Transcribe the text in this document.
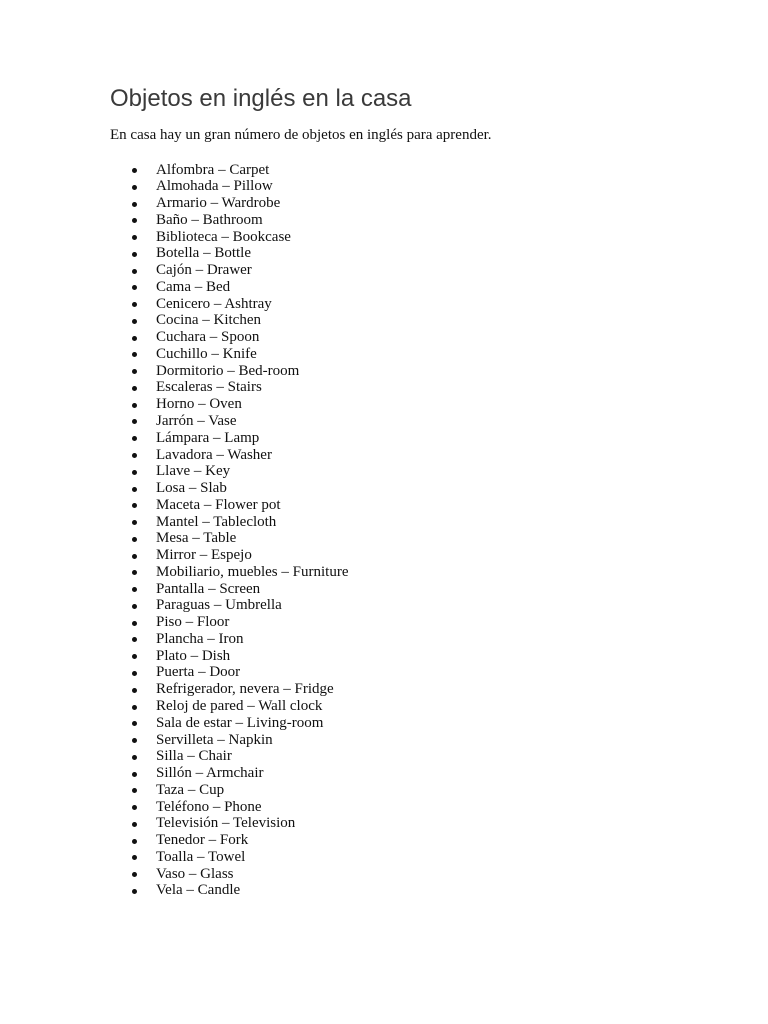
Objetos en inglés en la casa

En casa hay un gran número de objetos en inglés para aprender.

Alfombra – Carpet
Almohada – Pillow
Armario – Wardrobe
Baño – Bathroom
Biblioteca – Bookcase
Botella – Bottle
Cajón – Drawer
Cama – Bed
Cenicero – Ashtray
Cocina – Kitchen
Cuchara – Spoon
Cuchillo – Knife
Dormitorio – Bed-room
Escaleras – Stairs
Horno – Oven
Jarrón – Vase
Lámpara – Lamp
Lavadora – Washer
Llave – Key
Losa – Slab
Maceta – Flower pot
Mantel – Tablecloth
Mesa – Table
Mirror – Espejo
Mobiliario, muebles – Furniture
Pantalla – Screen
Paraguas – Umbrella
Piso – Floor
Plancha – Iron
Plato – Dish
Puerta – Door
Refrigerador, nevera – Fridge
Reloj de pared – Wall clock
Sala de estar – Living-room
Servilleta – Napkin
Silla – Chair
Sillón – Armchair
Taza – Cup
Teléfono – Phone
Televisión – Television
Tenedor – Fork
Toalla – Towel
Vaso – Glass
Vela – Candle
